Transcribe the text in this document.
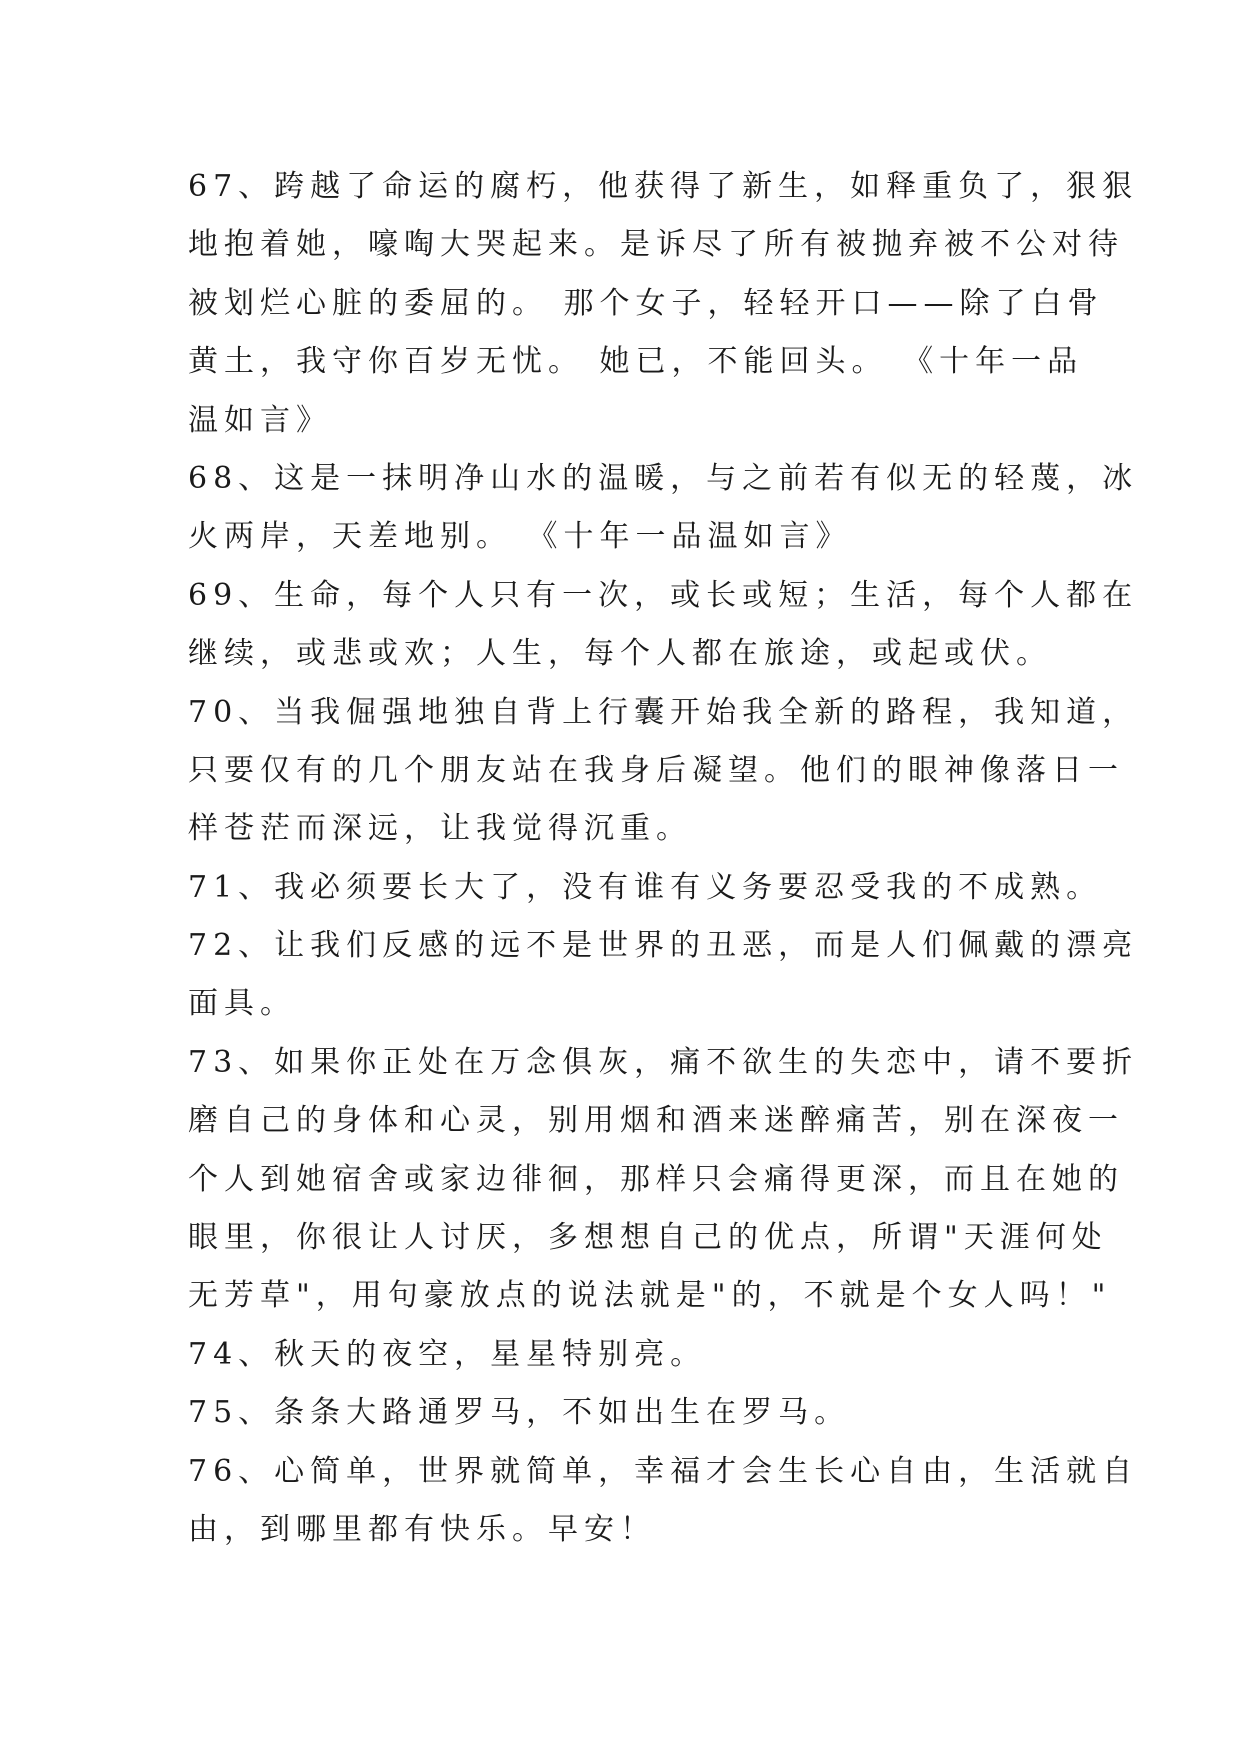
67、跨越了命运的腐朽，他获得了新生，如释重负了，狠狠
地抱着她，嚎啕大哭起来。是诉尽了所有被抛弃被不公对待
被划烂心脏的委屈的。 那个女子，轻轻开口——除了白骨
黄土，我守你百岁无忧。 她已，不能回头。 《十年一品
温如言》
68、这是一抹明净山水的温暖，与之前若有似无的轻蔑，冰
火两岸，天差地别。 《十年一品温如言》
69、生命，每个人只有一次，或长或短；生活，每个人都在
继续，或悲或欢；人生，每个人都在旅途，或起或伏。
70、当我倔强地独自背上行囊开始我全新的路程，我知道，
只要仅有的几个朋友站在我身后凝望。他们的眼神像落日一
样苍茫而深远，让我觉得沉重。
71、我必须要长大了，没有谁有义务要忍受我的不成熟。
72、让我们反感的远不是世界的丑恶，而是人们佩戴的漂亮
面具。
73、如果你正处在万念俱灰，痛不欲生的失恋中，请不要折
磨自己的身体和心灵，别用烟和酒来迷醉痛苦，别在深夜一
个人到她宿舍或家边徘徊，那样只会痛得更深，而且在她的
眼里，你很让人讨厌，多想想自己的优点，所谓"天涯何处
无芳草"，用句豪放点的说法就是"的，不就是个女人吗！"
74、秋天的夜空，星星特别亮。
75、条条大路通罗马，不如出生在罗马。
76、心简单，世界就简单，幸福才会生长心自由，生活就自
由，到哪里都有快乐。早安！
